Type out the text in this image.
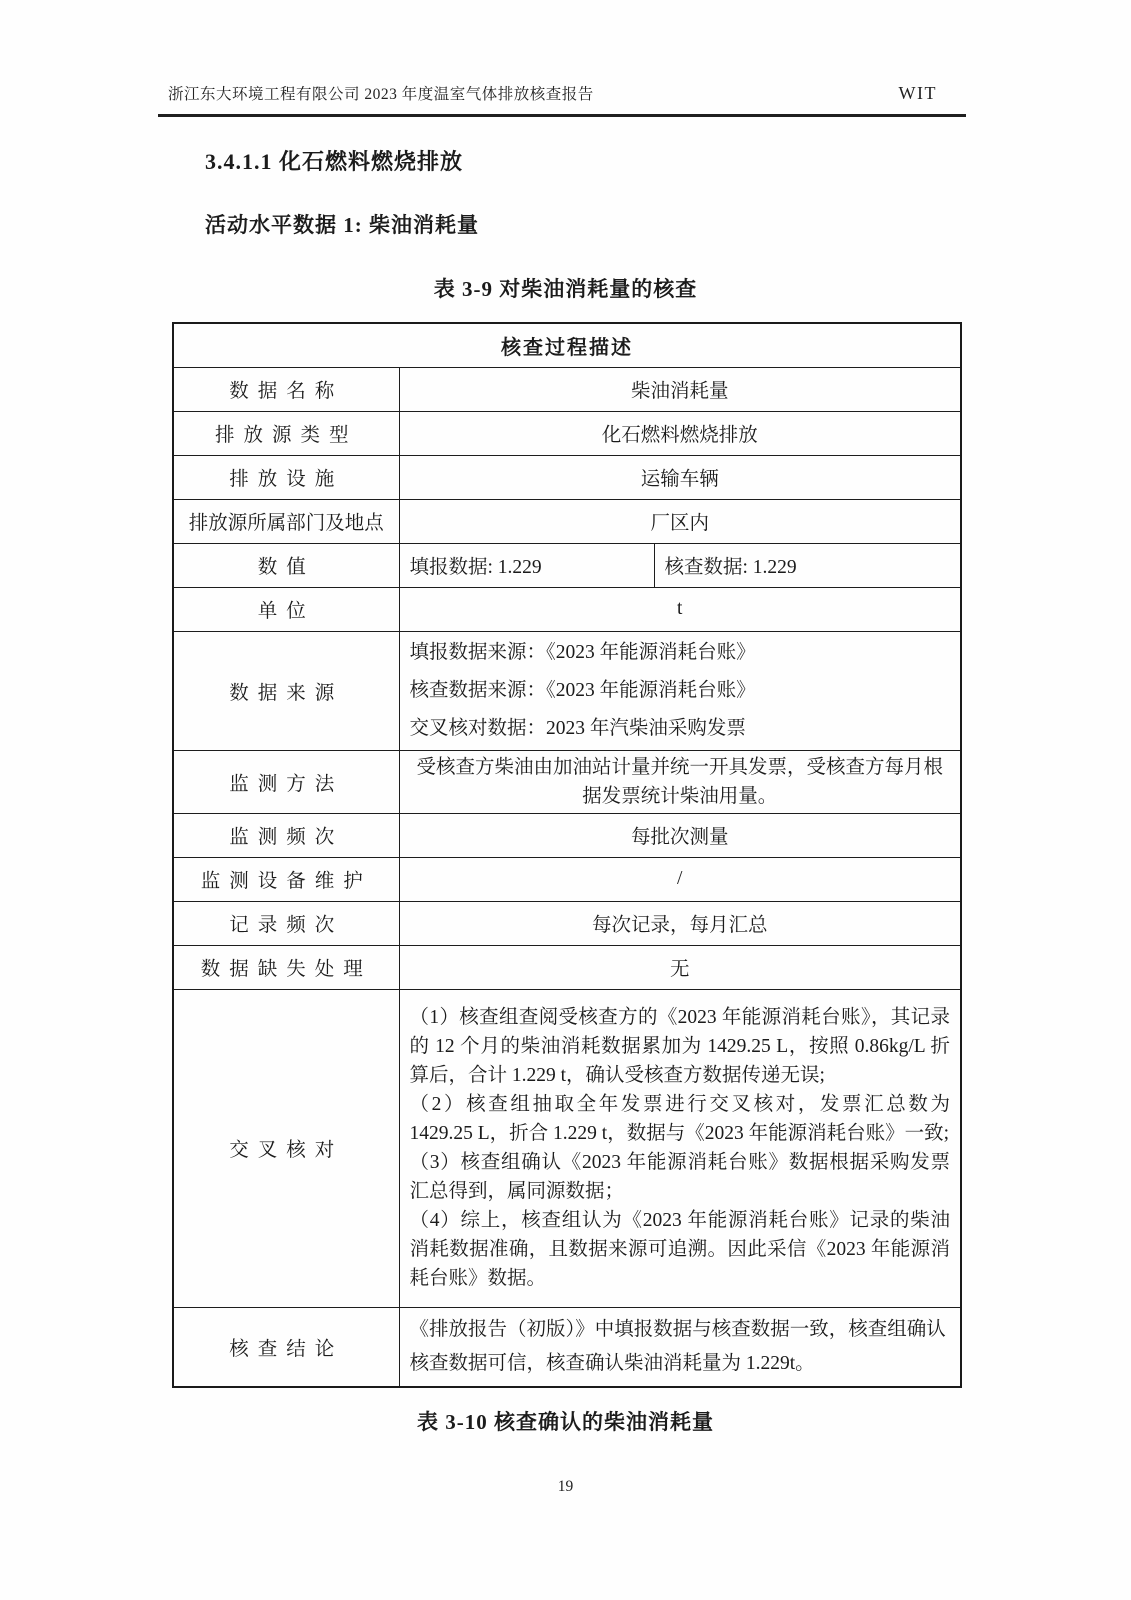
浙江东大环境工程有限公司 2023 年度温室气体排放核查报告	WIT
3.4.1.1 化石燃料燃烧排放
活动水平数据 1: 柴油消耗量
表 3-9 对柴油消耗量的核查
核查过程描述		
数据名称	柴油消耗量	
排放源类型	化石燃料燃烧排放	
排放设施	运输车辆	
排放源所属部门及地点	厂区内	
数值	填报数据: 1.229	核查数据: 1.229
单位	t	
数据来源	填报数据来源：《2023 年能源消耗台账》

核查数据来源：《2023 年能源消耗台账》

交叉核对数据：2023 年汽柴油采购发票	

监测方法	受核查方柴油由加油站计量并统一开具发票，受核查方每月根据发票统计柴油用量。	
监测频次	每批次测量	
监测设备维护	/	
记录频次	每次记录，每月汇总	
数据缺失处理	无	
交叉核对	（1）核查组查阅受核查方的《2023 年能源消耗台账》，其记录的 12 个月的柴油消耗数据累加为 1429.25 L，按照 0.86kg/L 折算后，合计 1.229 t，确认受核查方数据传递无误;

（2）核查组抽取全年发票进行交叉核对，发票汇总数为 1429.25 L，折合 1.229 t，数据与《2023 年能源消耗台账》一致;

（3）核查组确认《2023 年能源消耗台账》数据根据采购发票汇总得到，属同源数据；

（4）综上，核查组认为《2023 年能源消耗台账》记录的柴油消耗数据准确，且数据来源可追溯。因此采信《2023 年能源消耗台账》数据。	

核查结论	《排放报告（初版）》中填报数据与核查数据一致，核查组确认核查数据可信，核查确认柴油消耗量为 1.229t。	
表 3-10 核查确认的柴油消耗量
19
